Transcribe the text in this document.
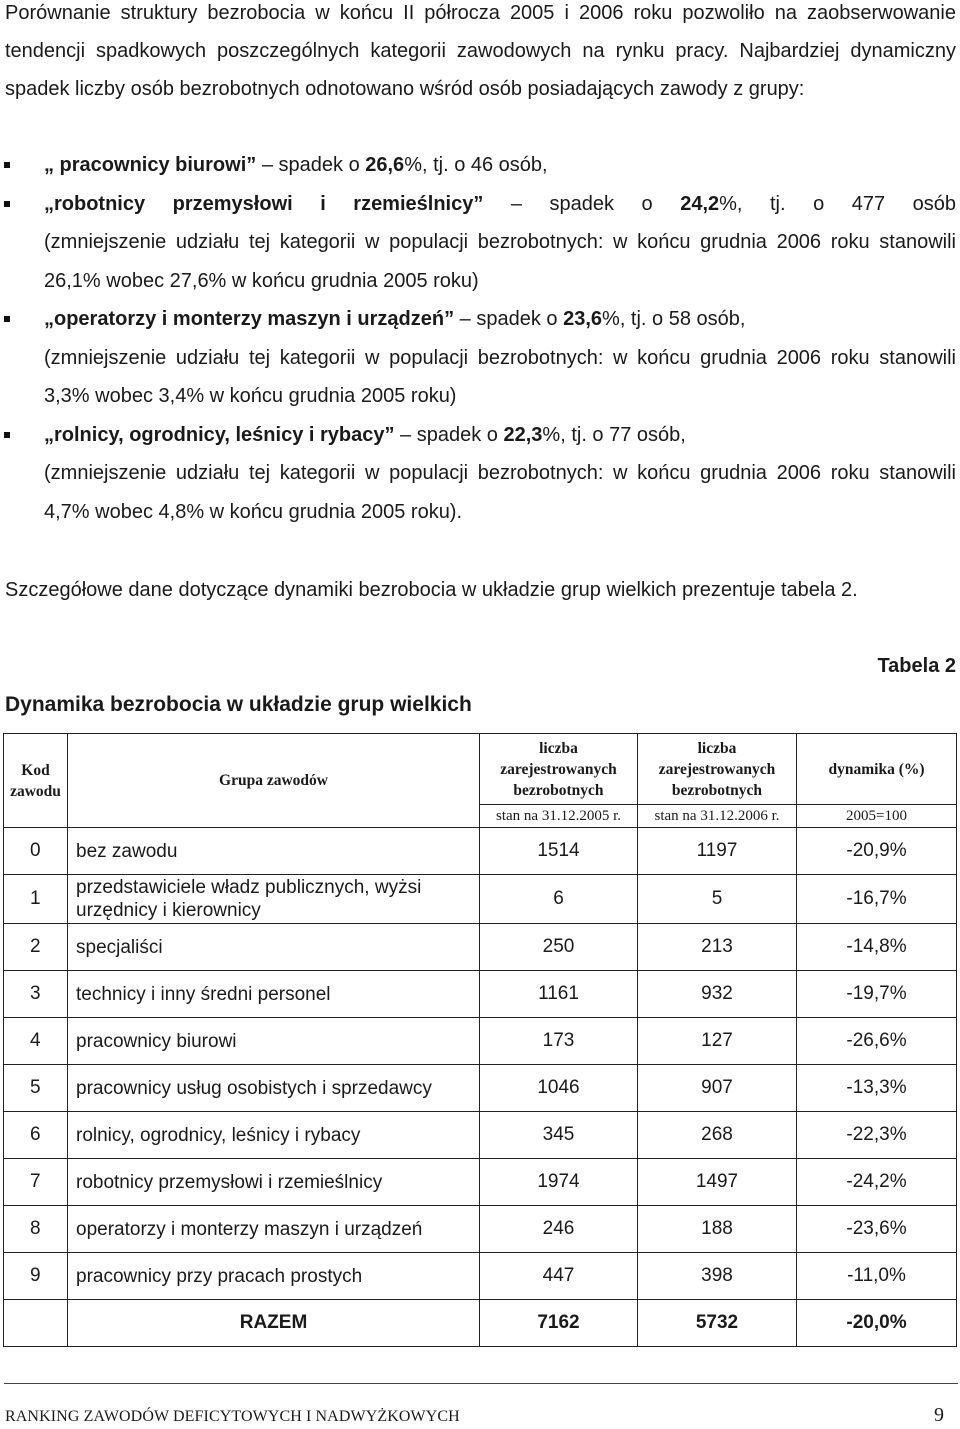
Porównanie struktury bezrobocia w końcu II półrocza 2005 i 2006 roku pozwoliło na zaobserwowanie tendencji spadkowych poszczególnych kategorii zawodowych na rynku pracy. Najbardziej dynamiczny spadek liczby osób bezrobotnych odnotowano wśród osób posiadających zawody z grupy:
„ pracownicy biurowi” – spadek o 26,6%, tj. o 46 osób,
„robotnicy przemysłowi i rzemieślnicy” – spadek o 24,2%, tj. o 477 osób
(zmniejszenie udziału tej kategorii w populacji bezrobotnych: w końcu grudnia 2006 roku stanowili 26,1% wobec 27,6% w końcu grudnia 2005 roku)
„operatorzy i monterzy maszyn i urządzeń” – spadek o 23,6%, tj. o 58 osób,
(zmniejszenie udziału tej kategorii w populacji bezrobotnych: w końcu grudnia 2006 roku stanowili 3,3% wobec 3,4% w końcu grudnia 2005 roku)
„rolnicy, ogrodnicy, leśnicy i rybacy” – spadek o 22,3%, tj. o 77 osób,
(zmniejszenie udziału tej kategorii w populacji bezrobotnych: w końcu grudnia 2006 roku stanowili 4,7% wobec 4,8% w końcu grudnia 2005 roku).
Szczegółowe dane dotyczące dynamiki bezrobocia w układzie grup wielkich prezentuje tabela 2.
Tabela 2
Dynamika bezrobocia w układzie grup wielkich
Kod zawodu	Grupa zawodów	liczba zarejestrowanych bezrobotnych	liczba zarejestrowanych bezrobotnych	dynamika (%)
		stan na 31.12.2005 r.	stan na 31.12.2006 r.	2005=100
0	bez zawodu	1514	1197	-20,9%
1	przedstawiciele władz publicznych, wyżsi urzędnicy i kierownicy	6	5	-16,7%
2	specjaliści	250	213	-14,8%
3	technicy i inny średni personel	1161	932	-19,7%
4	pracownicy biurowi	173	127	-26,6%
5	pracownicy usług osobistych i sprzedawcy	1046	907	-13,3%
6	rolnicy, ogrodnicy, leśnicy i rybacy	345	268	-22,3%
7	robotnicy przemysłowi i rzemieślnicy	1974	1497	-24,2%
8	operatorzy i monterzy maszyn i urządzeń	246	188	-23,6%
9	pracownicy przy pracach prostych	447	398	-11,0%
	RAZEM	7162	5732	-20,0%
RANKING ZAWODÓW DEFICYTOWYCH I NADWYŻKOWYCH	9
